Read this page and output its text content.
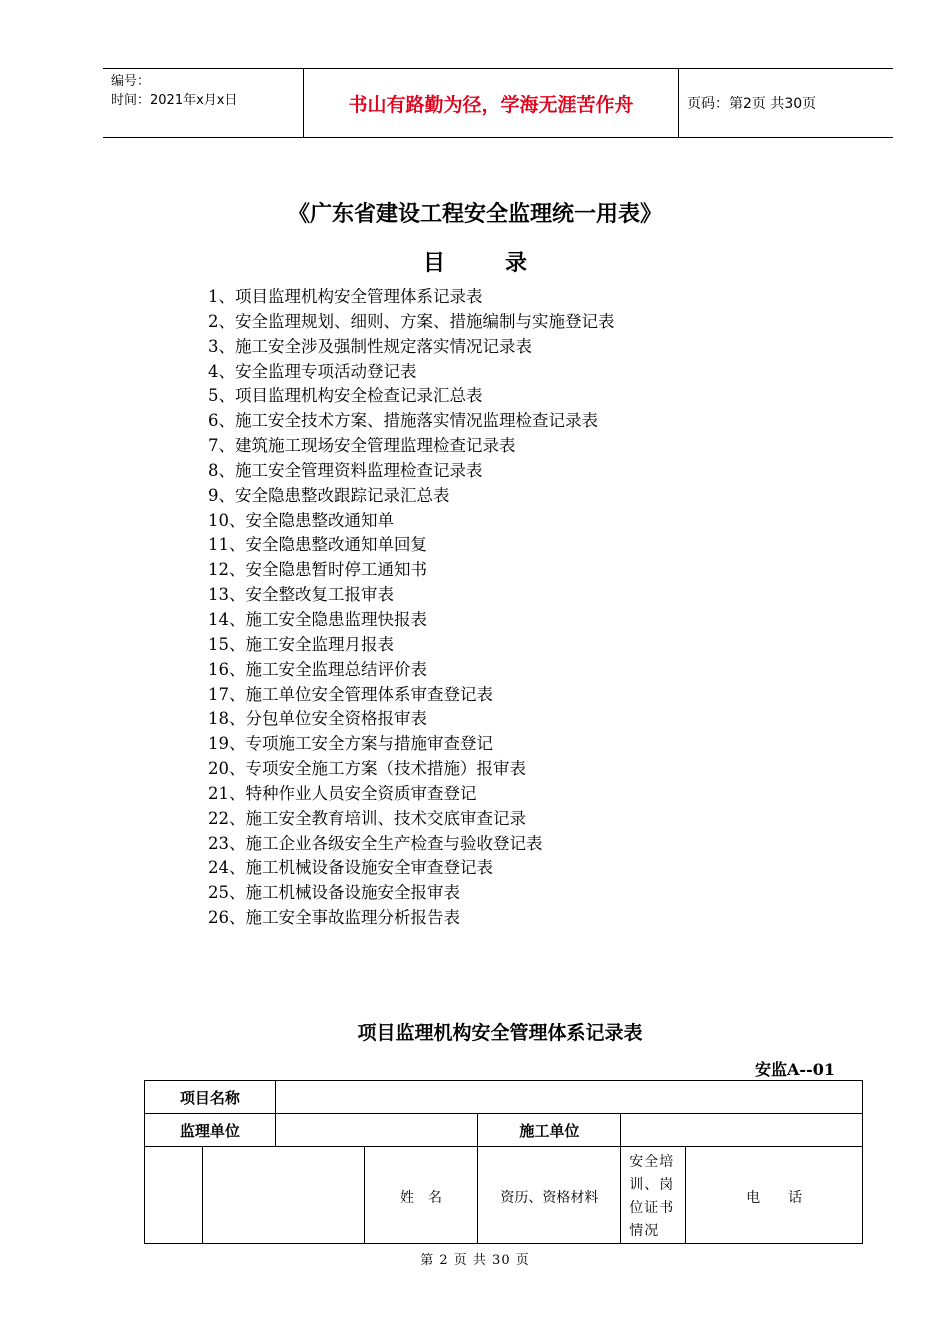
编号：
时间：2021年x月x日	书山有路勤为径，学海无涯苦作舟	页码：第2页 共30页
《广东省建设工程安全监理统一用表》
目录
1、项目监理机构安全管理体系记录表
2、安全监理规划、细则、方案、措施编制与实施登记表
3、施工安全涉及强制性规定落实情况记录表
4、安全监理专项活动登记表
5、项目监理机构安全检查记录汇总表
6、施工安全技术方案、措施落实情况监理检查记录表
7、建筑施工现场安全管理监理检查记录表
8、施工安全管理资料监理检查记录表
9、安全隐患整改跟踪记录汇总表
10、安全隐患整改通知单
11、安全隐患整改通知单回复
12、安全隐患暂时停工通知书
13、安全整改复工报审表
14、施工安全隐患监理快报表
15、施工安全监理月报表
16、施工安全监理总结评价表
17、施工单位安全管理体系审查登记表
18、分包单位安全资格报审表
19、专项施工安全方案与措施审查登记
20、专项安全施工方案（技术措施）报审表
21、特种作业人员安全资质审查登记
22、施工安全教育培训、技术交底审查记录
23、施工企业各级安全生产检查与验收登记表
24、施工机械设备设施安全审查登记表
25、施工机械设备设施安全报审表
26、施工安全事故监理分析报告表
项目监理机构安全管理体系记录表
安监A--01
项目名称						
监理单位				施工单位		
			姓　名	资历、资格材料	安全培训、岗位证书情况	电　　话
第 2 页 共 30 页
